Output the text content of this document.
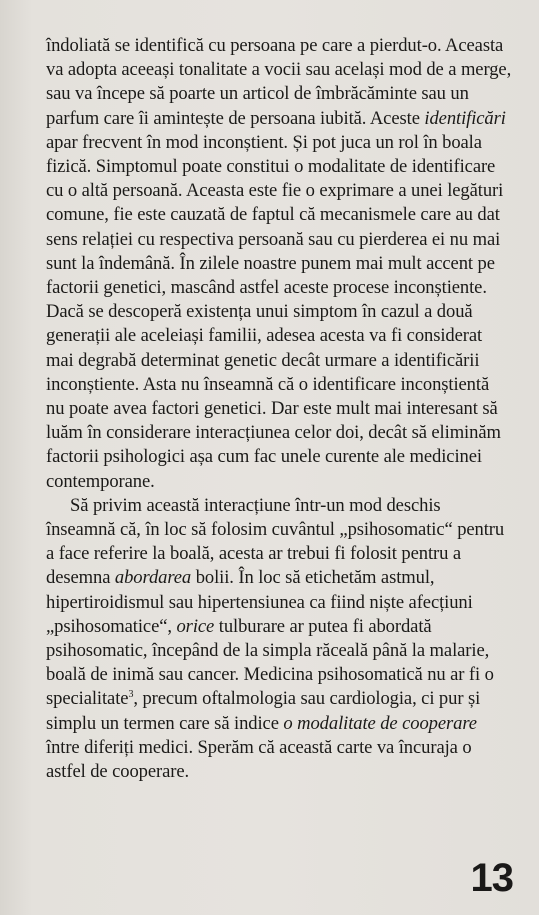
îndoliată se identifică cu persoana pe care a pierdut-o. Aceasta va adopta aceeași tonalitate a vocii sau același mod de a merge, sau va începe să poarte un articol de îmbrăcăminte sau un parfum care îi amintește de persoana iubită. Aceste identificări apar frecvent în mod inconștient. Și pot juca un rol în boala fizică. Simptomul poate constitui o modalitate de identificare cu o altă persoană. Aceasta este fie o exprimare a unei legături comune, fie este cauzată de faptul că mecanismele care au dat sens relației cu respectiva persoană sau cu pierderea ei nu mai sunt la îndemână. În zilele noastre punem mai mult accent pe factorii genetici, mascând astfel aceste procese inconștiente. Dacă se descoperă existența unui simptom în cazul a două generații ale aceleiași familii, adesea acesta va fi considerat mai degrabă determinat genetic decât urmare a identificării inconștiente. Asta nu înseamnă că o identificare inconștientă nu poate avea factori genetici. Dar este mult mai interesant să luăm în considerare interacțiunea celor doi, decât să eliminăm factorii psihologici așa cum fac unele curente ale medicinei contemporane.

Să privim această interacțiune într-un mod deschis înseamnă că, în loc să folosim cuvântul „psihosomatic“ pentru a face referire la boală, acesta ar trebui fi folosit pentru a desemna abordarea bolii. În loc să etichetăm astmul, hipertiroidismul sau hipertensiunea ca fiind niște afecțiuni „psihosomatice“, orice tulburare ar putea fi abordată psihosomatic, începând de la simpla răceală până la malarie, boală de inimă sau cancer. Medicina psihosomatică nu ar fi o specialitate$^3$, precum oftalmologia sau cardiologia, ci pur și simplu un termen care să indice o modalitate de cooperare între diferiți medici. Sperăm că această carte va încuraja o astfel de cooperare.

13
